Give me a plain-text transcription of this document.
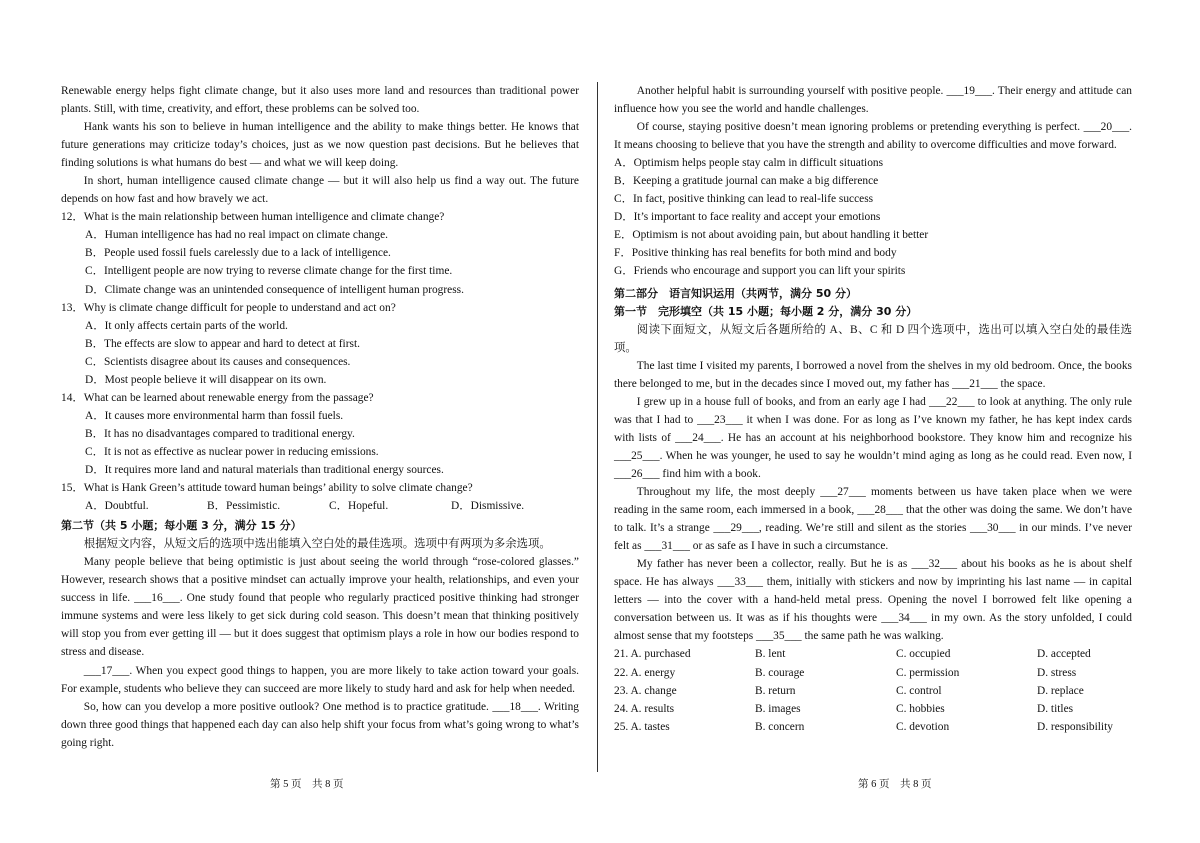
Renewable energy helps fight climate change, but it also uses more land and resources than traditional power plants. Still, with time, creativity, and effort, these problems can be solved too.

Hank wants his son to believe in human intelligence and the ability to make things better. He knows that future generations may criticize today’s choices, just as we now question past decisions. But he believes that finding solutions is what humans do best — and what we will keep doing.

In short, human intelligence caused climate change — but it will also help us find a way out. The future depends on how fast and how bravely we act.

12．What is the main relationship between human intelligence and climate change?

A．Human intelligence has had no real impact on climate change.

B．People used fossil fuels carelessly due to a lack of intelligence.

C．Intelligent people are now trying to reverse climate change for the first time.

D．Climate change was an unintended consequence of intelligent human progress.

13．Why is climate change difficult for people to understand and act on?

A．It only affects certain parts of the world.

B．The effects are slow to appear and hard to detect at first.

C．Scientists disagree about its causes and consequences.

D．Most people believe it will disappear on its own.

14．What can be learned about renewable energy from the passage?

A．It causes more environmental harm than fossil fuels.

B．It has no disadvantages compared to traditional energy.

C．It is not as effective as nuclear power in reducing emissions.

D．It requires more land and natural materials than traditional energy sources.

15．What is Hank Green’s attitude toward human beings’ ability to solve climate change?

A．Doubtful.	B．Pessimistic.	C．Hopeful.	D．Dismissive.

第二节（共 5 小题；每小题 3 分，满分 15 分）

根据短文内容，从短文后的选项中选出能填入空白处的最佳选项。选项中有两项为多余选项。

Many people believe that being optimistic is just about seeing the world through “rose-colored glasses.” However, research shows that a positive mindset can actually improve your health, relationships, and even your success in life. ___16___. One study found that people who regularly practiced positive thinking had stronger immune systems and were less likely to get sick during cold season. This doesn’t mean that thinking positively will stop you from ever getting ill — but it does suggest that optimism plays a role in how our bodies respond to stress and disease.

___17___. When you expect good things to happen, you are more likely to take action toward your goals. For example, students who believe they can succeed are more likely to study hard and ask for help when needed.

So, how can you develop a more positive outlook? One method is to practice gratitude. ___18___. Writing down three good things that happened each day can also help shift your focus from what’s going wrong to what’s going right.

Another helpful habit is surrounding yourself with positive people. ___19___. Their energy and attitude can influence how you see the world and handle challenges.

Of course, staying positive doesn’t mean ignoring problems or pretending everything is perfect. ___20___. It means choosing to believe that you have the strength and ability to overcome difficulties and move forward.

A．Optimism helps people stay calm in difficult situations

B．Keeping a gratitude journal can make a big difference

C．In fact, positive thinking can lead to real-life success

D．It’s important to face reality and accept your emotions

E．Optimism is not about avoiding pain, but about handling it better

F．Positive thinking has real benefits for both mind and body

G．Friends who encourage and support you can lift your spirits

第二部分　语言知识运用（共两节，满分 50 分）

第一节　完形填空（共 15 小题；每小题 2 分，满分 30 分）

阅读下面短文，从短文后各题所给的 A、B、C 和 D 四个选项中，选出可以填入空白处的最佳选项。

The last time I visited my parents, I borrowed a novel from the shelves in my old bedroom. Once, the books there belonged to me, but in the decades since I moved out, my father has ___21___ the space.

I grew up in a house full of books, and from an early age I had ___22___ to look at anything. The only rule was that I had to ___23___ it when I was done. For as long as I’ve known my father, he has kept index cards with lists of ___24___. He has an account at his neighborhood bookstore. They know him and recognize his ___25___. When he was younger, he used to say he wouldn’t mind aging as long as he could read. Even now, I ___26___ find him with a book.

Throughout my life, the most deeply ___27___ moments between us have taken place when we were reading in the same room, each immersed in a book, ___28___ that the other was doing the same. We don’t have to talk. It’s a strange ___29___, reading. We’re still and silent as the stories ___30___ in our minds. I’ve never felt as ___31___ or as safe as I have in such a circumstance.

My father has never been a collector, really. But he is as ___32___ about his books as he is about shelf space. He has always ___33___ them, initially with stickers and now by imprinting his last name — in capital letters — into the cover with a hand-held metal press. Opening the novel I borrowed felt like opening a conversation between us. It was as if his thoughts were ___34___ in my own. As the story unfolded, I could almost sense that my footsteps ___35___ the same path he was walking.

21. A. purchased	B. lent	C. occupied	D. accepted
22. A. energy	B. courage	C. permission	D. stress
23. A. change	B. return	C. control	D. replace
24. A. results	B. images	C. hobbies	D. titles
25. A. tastes	B. concern	C. devotion	D. responsibility
第 5 页　共 8 页	第 6 页　共 8 页
